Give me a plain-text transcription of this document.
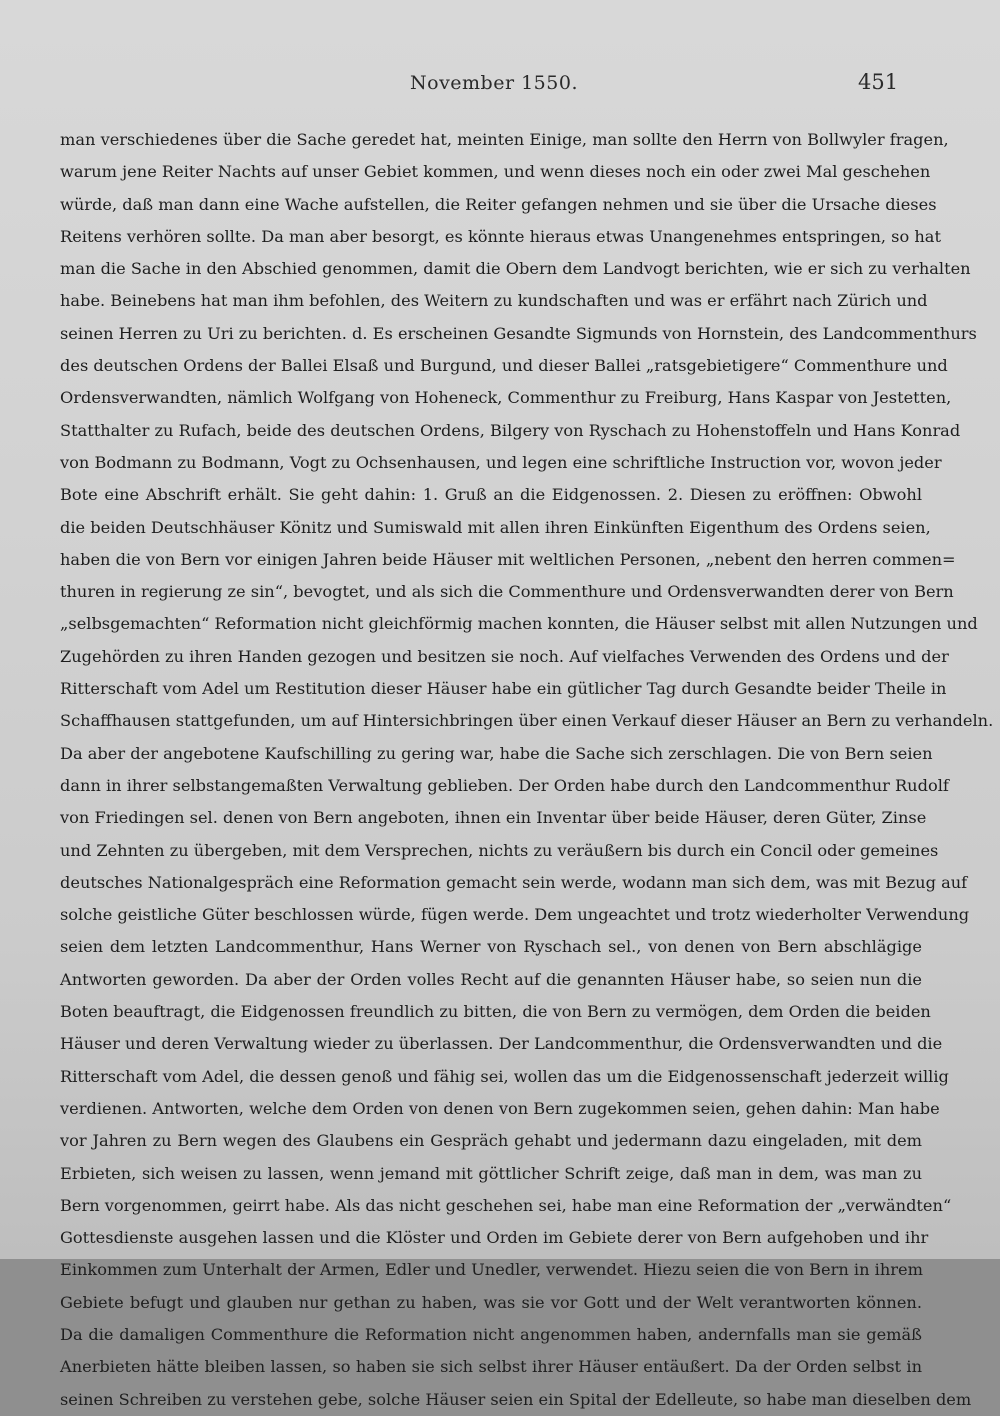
November 1550.	451
man verschiedenes über die Sache geredet hat, meinten Einige, man sollte den Herrn von Bollwyler fragen,
warum jene Reiter Nachts auf unser Gebiet kommen, und wenn dieses noch ein oder zwei Mal geschehen
würde, daß man dann eine Wache aufstellen, die Reiter gefangen nehmen und sie über die Ursache dieses
Reitens verhören sollte. Da man aber besorgt, es könnte hieraus etwas Unangenehmes entspringen, so hat
man die Sache in den Abschied genommen, damit die Obern dem Landvogt berichten, wie er sich zu verhalten
habe. Beinebens hat man ihm befohlen, des Weitern zu kundschaften und was er erfährt nach Zürich und
seinen Herren zu Uri zu berichten. d. Es erscheinen Gesandte Sigmunds von Hornstein, des Landcommenthurs
des deutschen Ordens der Ballei Elsaß und Burgund, und dieser Ballei „ratsgebietigere“ Commenthure und
Ordensverwandten, nämlich Wolfgang von Hoheneck, Commenthur zu Freiburg, Hans Kaspar von Jestetten,
Statthalter zu Rufach, beide des deutschen Ordens, Bilgery von Ryschach zu Hohenstoffeln und Hans Konrad
von Bodmann zu Bodmann, Vogt zu Ochsenhausen, und legen eine schriftliche Instruction vor, wovon jeder
Bote eine Abschrift erhält. Sie geht dahin: 1. Gruß an die Eidgenossen. 2. Diesen zu eröffnen: Obwohl
die beiden Deutschhäuser Könitz und Sumiswald mit allen ihren Einkünften Eigenthum des Ordens seien,
haben die von Bern vor einigen Jahren beide Häuser mit weltlichen Personen, „nebent den herren commen=
thuren in regierung ze sin“, bevogtet, und als sich die Commenthure und Ordensverwandten derer von Bern
„selbsgemachten“ Reformation nicht gleichförmig machen konnten, die Häuser selbst mit allen Nutzungen und
Zugehörden zu ihren Handen gezogen und besitzen sie noch. Auf vielfaches Verwenden des Ordens und der
Ritterschaft vom Adel um Restitution dieser Häuser habe ein gütlicher Tag durch Gesandte beider Theile in
Schaffhausen stattgefunden, um auf Hintersichbringen über einen Verkauf dieser Häuser an Bern zu verhandeln.
Da aber der angebotene Kaufschilling zu gering war, habe die Sache sich zerschlagen. Die von Bern seien
dann in ihrer selbstangemaßten Verwaltung geblieben. Der Orden habe durch den Landcommenthur Rudolf
von Friedingen sel. denen von Bern angeboten, ihnen ein Inventar über beide Häuser, deren Güter, Zinse
und Zehnten zu übergeben, mit dem Versprechen, nichts zu veräußern bis durch ein Concil oder gemeines
deutsches Nationalgespräch eine Reformation gemacht sein werde, wodann man sich dem, was mit Bezug auf
solche geistliche Güter beschlossen würde, fügen werde. Dem ungeachtet und trotz wiederholter Verwendung
seien dem letzten Landcommenthur, Hans Werner von Ryschach sel., von denen von Bern abschlägige
Antworten geworden. Da aber der Orden volles Recht auf die genannten Häuser habe, so seien nun die
Boten beauftragt, die Eidgenossen freundlich zu bitten, die von Bern zu vermögen, dem Orden die beiden
Häuser und deren Verwaltung wieder zu überlassen. Der Landcommenthur, die Ordensverwandten und die
Ritterschaft vom Adel, die dessen genoß und fähig sei, wollen das um die Eidgenossenschaft jederzeit willig
verdienen. Antworten, welche dem Orden von denen von Bern zugekommen seien, gehen dahin: Man habe
vor Jahren zu Bern wegen des Glaubens ein Gespräch gehabt und jedermann dazu eingeladen, mit dem
Erbieten, sich weisen zu lassen, wenn jemand mit göttlicher Schrift zeige, daß man in dem, was man zu
Bern vorgenommen, geirrt habe. Als das nicht geschehen sei, habe man eine Reformation der „verwändten“
Gottesdienste ausgehen lassen und die Klöster und Orden im Gebiete derer von Bern aufgehoben und ihr
Einkommen zum Unterhalt der Armen, Edler und Unedler, verwendet. Hiezu seien die von Bern in ihrem
Gebiete befugt und glauben nur gethan zu haben, was sie vor Gott und der Welt verantworten können.
Da die damaligen Commenthure die Reformation nicht angenommen haben, andernfalls man sie gemäß
Anerbieten hätte bleiben lassen, so haben sie sich selbst ihrer Häuser entäußert. Da der Orden selbst in
seinen Schreiben zu verstehen gebe, solche Häuser seien ein Spital der Edelleute, so habe man dieselben dem
